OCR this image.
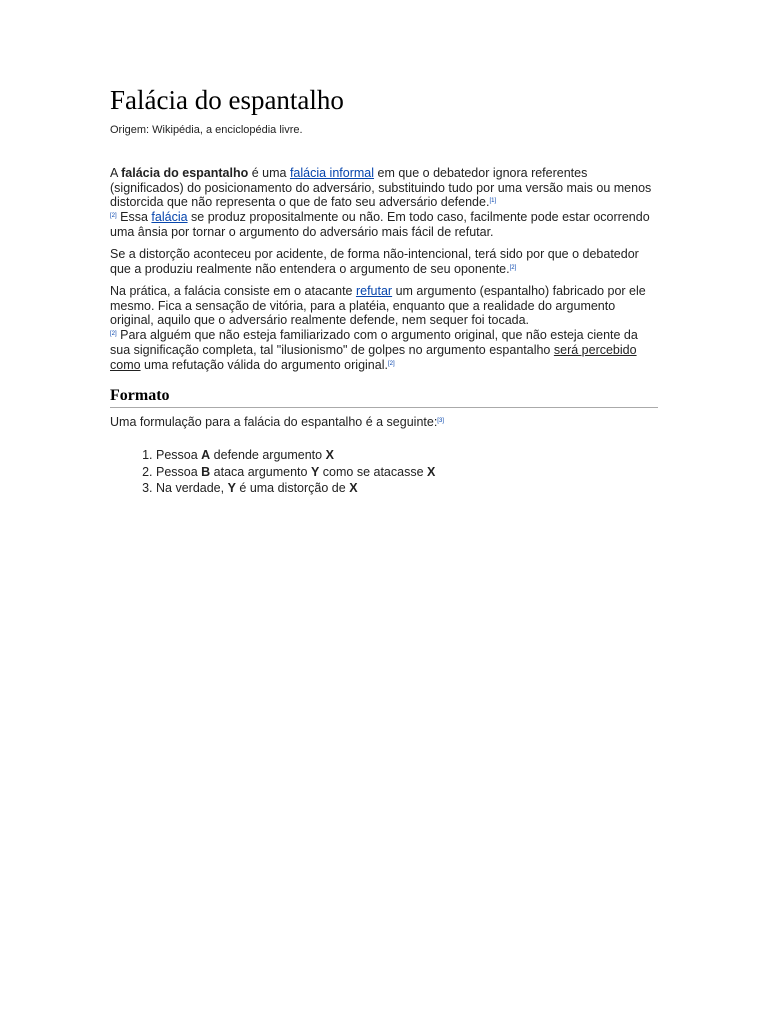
Falácia do espantalho
Origem: Wikipédia, a enciclopédia livre.

A falácia do espantalho é uma falácia informal em que o debatedor ignora referentes (significados) do posicionamento do adversário, substituindo tudo por uma versão mais ou menos distorcida que não representa o que de fato seu adversário defende.[1]
[2] Essa falácia se produz propositalmente ou não. Em todo caso, facilmente pode estar ocorrendo uma ânsia por tornar o argumento do adversário mais fácil de refutar.

Se a distorção aconteceu por acidente, de forma não-intencional, terá sido por que o debatedor que a produziu realmente não entendera o argumento de seu oponente.[2]

Na prática, a falácia consiste em o atacante refutar um argumento (espantalho) fabricado por ele mesmo. Fica a sensação de vitória, para a platéia, enquanto que a realidade do argumento original, aquilo que o adversário realmente defende, nem sequer foi tocada.
[2] Para alguém que não esteja familiarizado com o argumento original, que não esteja ciente da sua significação completa, tal "ilusionismo" de golpes no argumento espantalho será percebido como uma refutação válida do argumento original.[2]

Formato

Uma formulação para a falácia do espantalho é a seguinte:[3]

1. Pessoa A defende argumento X
2. Pessoa B ataca argumento Y como se atacasse X
3. Na verdade, Y é uma distorção de X
